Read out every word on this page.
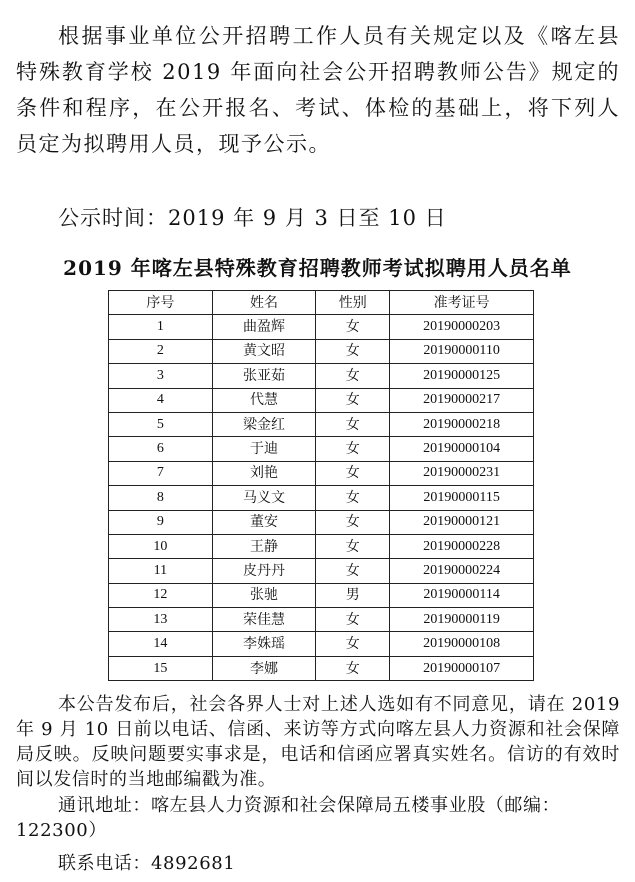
根据事业单位公开招聘工作人员有关规定以及《喀左县特殊教育学校 2019 年面向社会公开招聘教师公告》规定的条件和程序，在公开报名、考试、体检的基础上，将下列人员定为拟聘用人员，现予公示。

公示时间：2019 年 9 月 3 日至 10 日

2019 年喀左县特殊教育招聘教师考试拟聘用人员名单
序号	姓名	性别	准考证号
1	曲盈辉	女	20190000203
2	黄文昭	女	20190000110
3	张亚茹	女	20190000125
4	代慧	女	20190000217
5	梁金红	女	20190000218
6	于迪	女	20190000104
7	刘艳	女	20190000231
8	马义文	女	20190000115
9	董安	女	20190000121
10	王静	女	20190000228
11	皮丹丹	女	20190000224
12	张驰	男	20190000114
13	荣佳慧	女	20190000119
14	李姝瑶	女	20190000108
15	李娜	女	20190000107

本公告发布后，社会各界人士对上述人选如有不同意见，请在 2019 年 9 月 10 日前以电话、信函、来访等方式向喀左县人力资源和社会保障局反映。反映问题要实事求是，电话和信函应署真实姓名。信访的有效时间以发信时的当地邮编戳为准。

通讯地址：喀左县人力资源和社会保障局五楼事业股（邮编：122300）

联系电话：4892681
